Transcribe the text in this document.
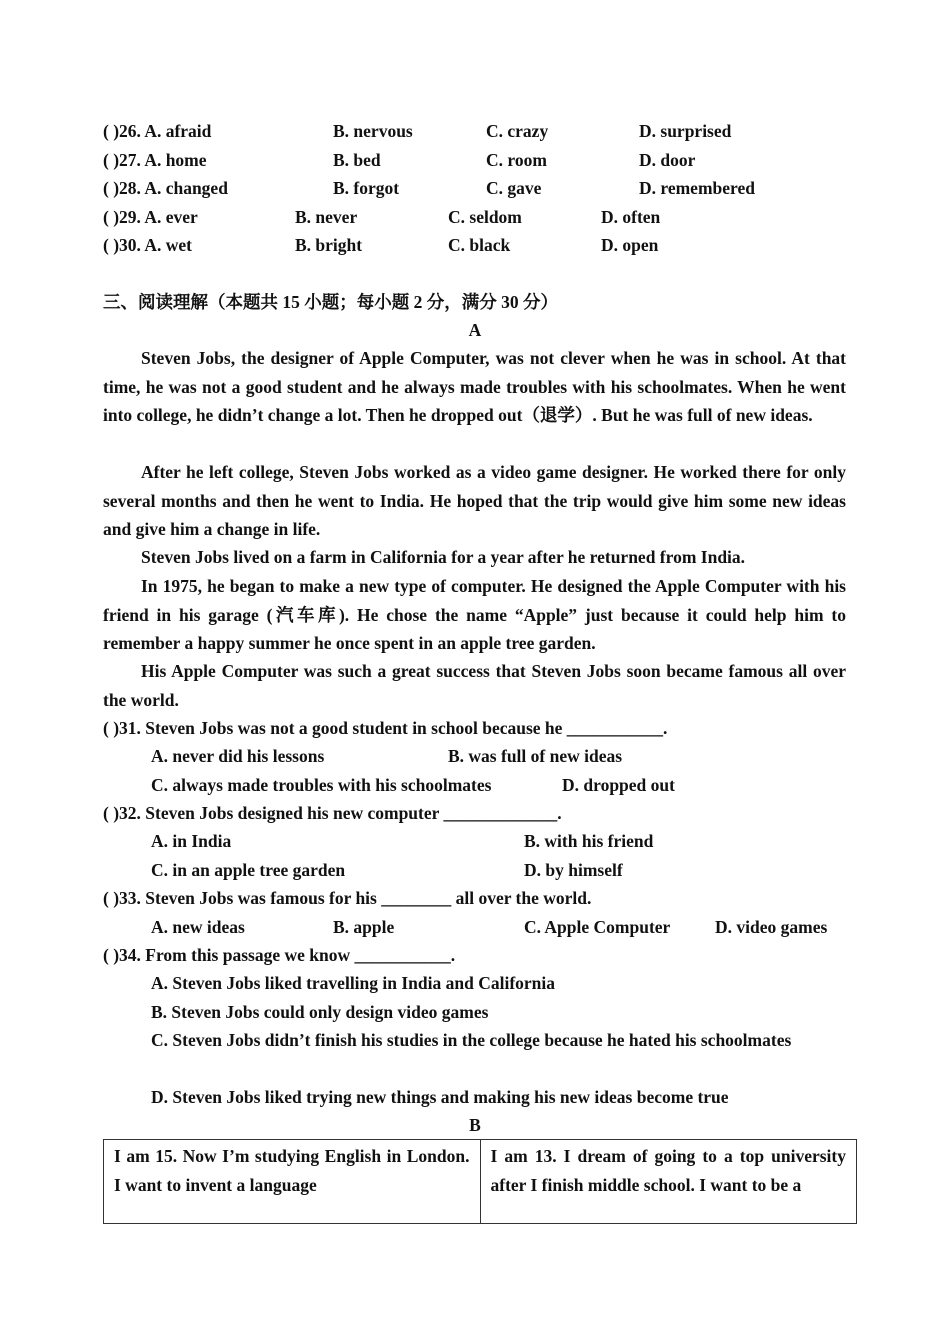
( )26. A. afraid	B. nervous	C. crazy	D. surprised
( )27. A. home	B. bed	C. room	D. door
( )28. A. changed	B. forgot	C. gave	D. remembered
( )29. A. ever	B. never	C. seldom	D. often
( )30. A. wet	B. bright	C. black	D. open
三、阅读理解（本题共 15 小题；每小题 2 分，满分 30 分）
A
Steven Jobs, the designer of Apple Computer, was not clever when he was in school. At that time, he was not a good student and he always made troubles with his schoolmates. When he went into college, he didn’t change a lot. Then he dropped out（退学）. But he was full of new ideas.
After he left college, Steven Jobs worked as a video game designer. He worked there for only several months and then he went to India. He hoped that the trip would give him some new ideas and give him a change in life.
Steven Jobs lived on a farm in California for a year after he returned from India.
In 1975, he began to make a new type of computer. He designed the Apple Computer with his friend in his garage (汽车库). He chose the name “Apple” just because it could help him to remember a happy summer he once spent in an apple tree garden.
His Apple Computer was such a great success that Steven Jobs soon became famous all over the world.
( )31. Steven Jobs was not a good student in school because he ___________.
A. never did his lessons	B. was full of new ideas
C. always made troubles with his schoolmates	D. dropped out
( )32. Steven Jobs designed his new computer _____________.
A. in India	B. with his friend
C. in an apple tree garden	D. by himself
( )33. Steven Jobs was famous for his ________ all over the world.
A. new ideas	B. apple	C. Apple Computer	D. video games
( )34. From this passage we know ___________.
A. Steven Jobs liked travelling in India and California
B. Steven Jobs could only design video games
C. Steven Jobs didn’t finish his studies in the college because he hated his schoolmates
D. Steven Jobs liked trying new things and making his new ideas become true
B
I am 15. Now I’m studying English in London. I want to invent a language	I am 13. I dream of going to a top university after I finish middle school. I want to be a
